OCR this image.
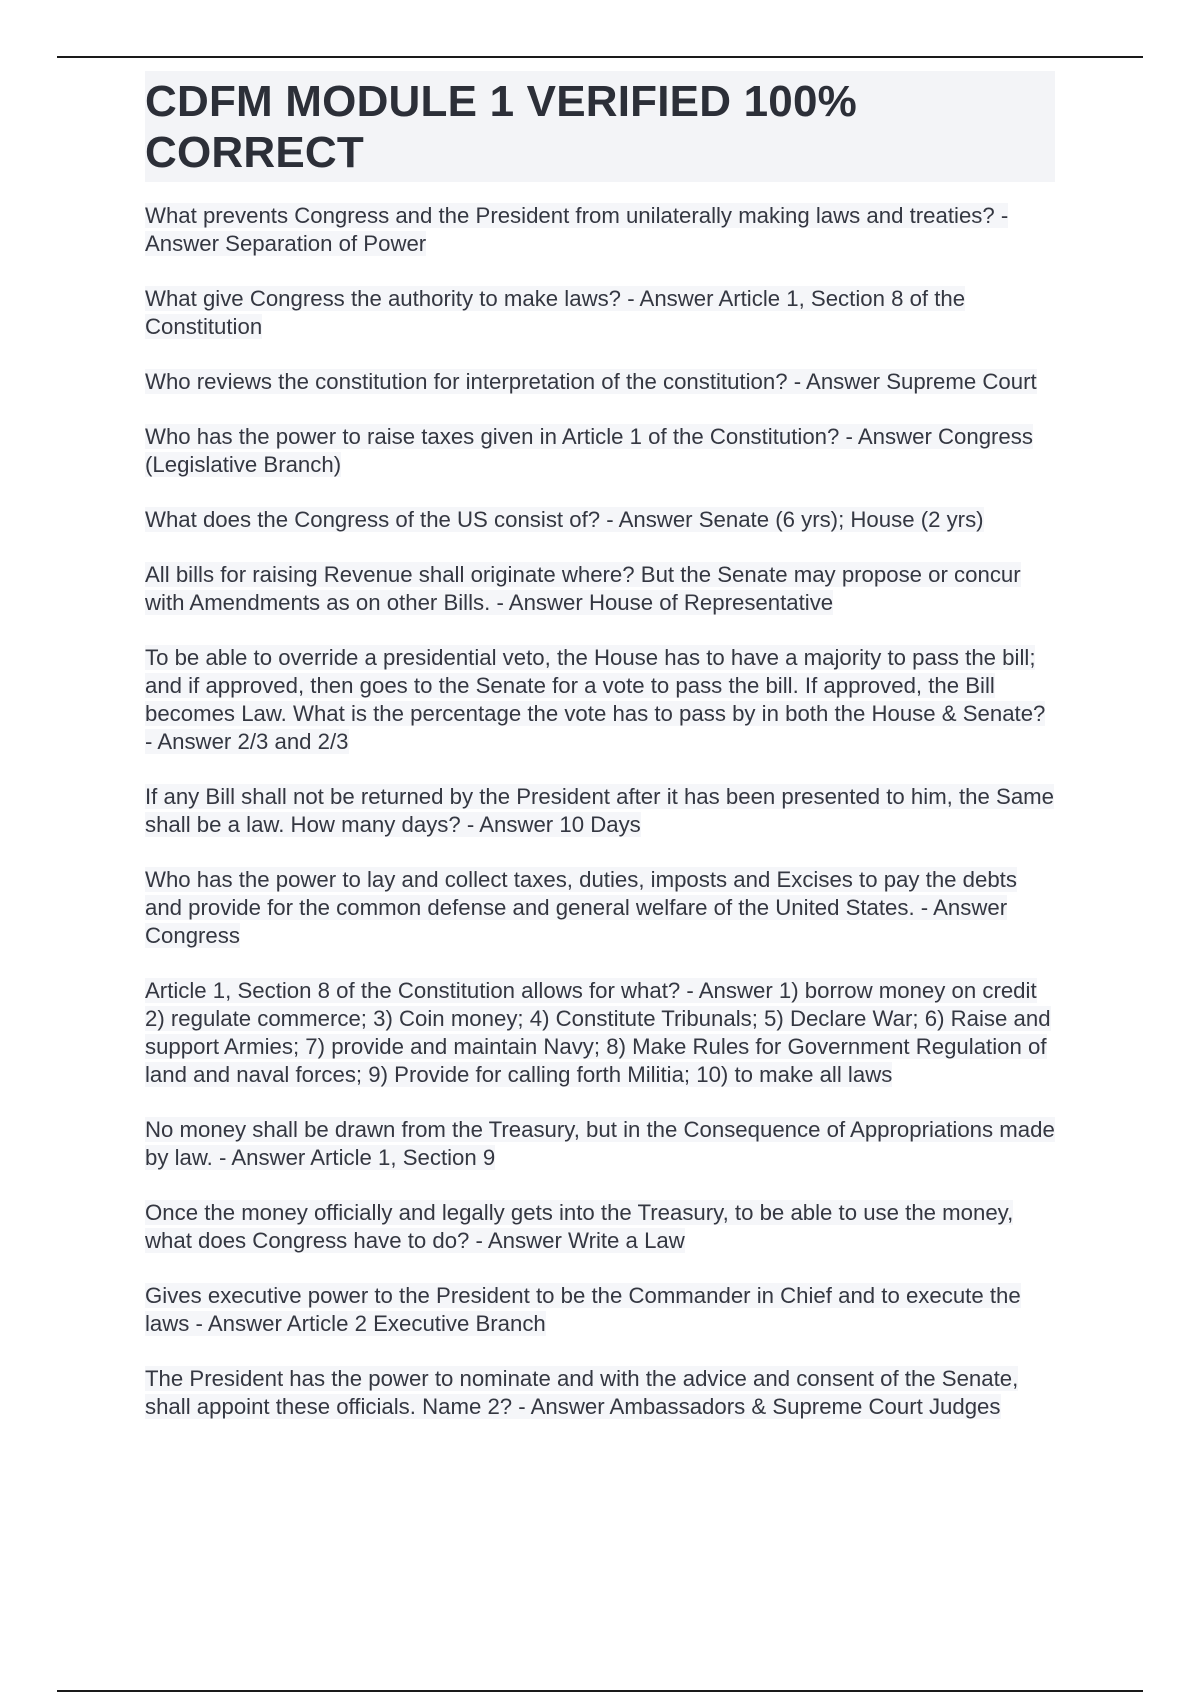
CDFM MODULE 1 VERIFIED 100% CORRECT

What prevents Congress and the President from unilaterally making laws and treaties? - Answer Separation of Power

What give Congress the authority to make laws? - Answer Article 1, Section 8 of the Constitution

Who reviews the constitution for interpretation of the constitution? - Answer Supreme Court

Who has the power to raise taxes given in Article 1 of the Constitution? - Answer Congress (Legislative Branch)

What does the Congress of the US consist of? - Answer Senate (6 yrs); House (2 yrs)

All bills for raising Revenue shall originate where? But the Senate may propose or concur with Amendments as on other Bills. - Answer House of Representative

To be able to override a presidential veto, the House has to have a majority to pass the bill; and if approved, then goes to the Senate for a vote to pass the bill. If approved, the Bill becomes Law. What is the percentage the vote has to pass by in both the House & Senate? - Answer 2/3 and 2/3

If any Bill shall not be returned by the President after it has been presented to him, the Same shall be a law. How many days? - Answer 10 Days

Who has the power to lay and collect taxes, duties, imposts and Excises to pay the debts and provide for the common defense and general welfare of the United States. - Answer Congress

Article 1, Section 8 of the Constitution allows for what? - Answer 1) borrow money on credit 2) regulate commerce; 3) Coin money; 4) Constitute Tribunals; 5) Declare War; 6) Raise and support Armies; 7) provide and maintain Navy; 8) Make Rules for Government Regulation of land and naval forces; 9) Provide for calling forth Militia; 10) to make all laws

No money shall be drawn from the Treasury, but in the Consequence of Appropriations made by law. - Answer Article 1, Section 9

Once the money officially and legally gets into the Treasury, to be able to use the money, what does Congress have to do? - Answer Write a Law

Gives executive power to the President to be the Commander in Chief and to execute the laws - Answer Article 2 Executive Branch

The President has the power to nominate and with the advice and consent of the Senate, shall appoint these officials. Name 2? - Answer Ambassadors & Supreme Court Judges
